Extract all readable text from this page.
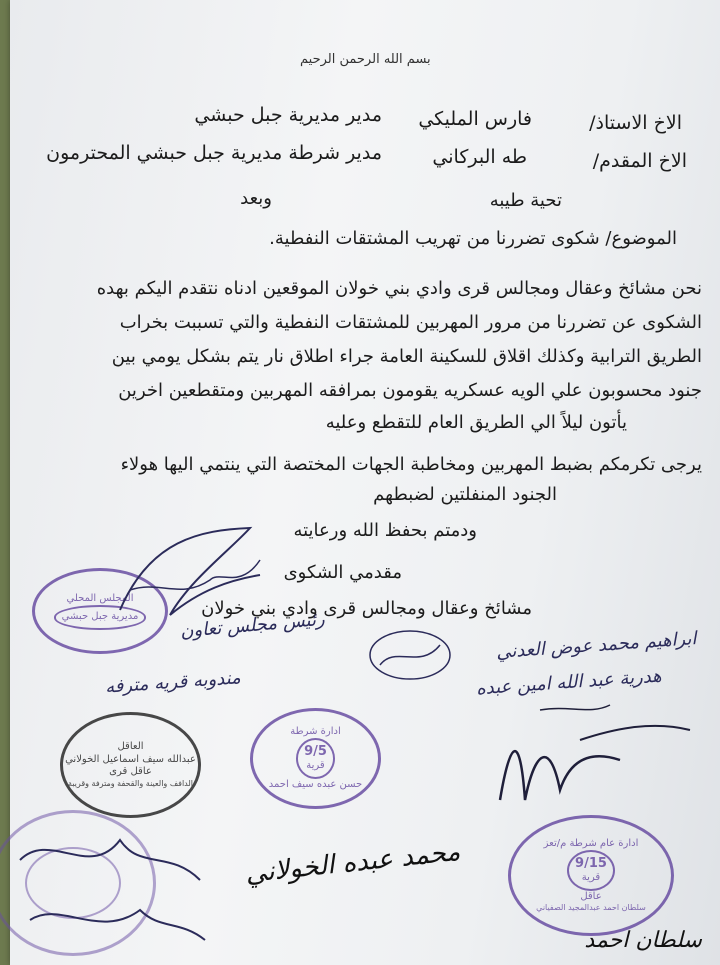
بسم الله الرحمن الرحيم
الاخ الاستاذ/
فارس المليكي
مدير مديرية جبل حبشي
الاخ المقدم/
طه البركاني
مدير شرطة مديرية جبل حبشي المحترمون
تحية طيبه
وبعد
الموضوع/ شكوى تضررنا من تهريب المشتقات النفطية.
نحن مشائخ وعقال ومجالس قرى وادي بني خولان الموقعين ادناه نتقدم اليكم بهده
الشكوى عن تضررنا من مرور المهربين للمشتقات النفطية والتي تسببت بخراب
الطريق الترابية وكذلك اقلاق للسكينة العامة جراء اطلاق نار يتم بشكل يومي بين
جنود محسوبون علي الويه عسكريه يقومون بمرافقه المهربين ومتقطعين اخرين
يأتون ليلاً الي الطريق العام للتقطع وعليه
يرجى تكرمكم بضبط المهربين ومخاطبة الجهات المختصة التي ينتمي اليها هولاء
الجنود المنفلتين لضبطهم
ودمتم بحفظ الله ورعايته
مقدمي الشكوى
مشائخ وعقال ومجالس قرى وادي بني خولان
المجلس المحلي
مديرية جبل حبشي	رئيس مجلس تعاون
مندوبه قريه مترفه
ابراهيم محمد عوض العدني
هدرية عبد الله امين عبده
العاقل
عبدالله سيف اسماعيل الخولاني
عاقل قرى
الدافف والعينة والقحفة ومترفة وقريبة
ادارة شرطة
9/5
قرية
حسن عبده سيف احمد
محمد عبده الخولاني	ادارة عام شرطة م/تعز
9/15
قرية
عاقل
سلطان احمد عبدالمجيد الصفياني
سلطان احمد
